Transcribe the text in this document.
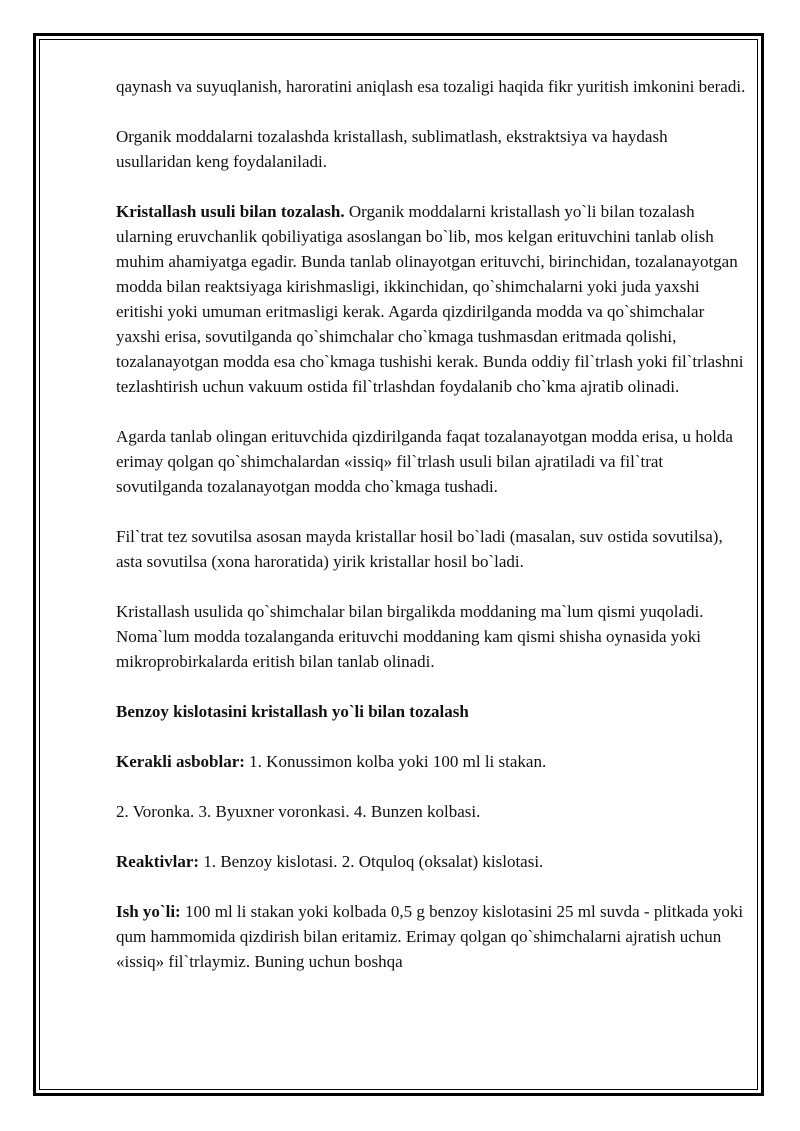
qaynash va suyuqlanish, haroratini aniqlash esa tozaligi haqida fikr yuritish imkonini beradi.

Organik moddalarni tozalashda kristallash, sublimatlash, ekstraktsiya va haydash usullaridan keng foydalaniladi.

Kristallash usuli bilan tozalash. Organik moddalarni kristallash yo`li bilan tozalash ularning eruvchanlik qobiliyatiga asoslangan bo`lib, mos kelgan erituvchini tanlab olish muhim ahamiyatga egadir. Bunda tanlab olinayotgan erituvchi, birinchidan, tozalanayotgan modda bilan reaktsiyaga kirishmasligi, ikkinchidan, qo`shimchalarni yoki juda yaxshi eritishi yoki umuman eritmasligi kerak. Agarda qizdirilganda modda va qo`shimchalar yaxshi erisa, sovutilganda qo`shimchalar cho`kmaga tushmasdan eritmada qolishi, tozalanayotgan modda esa cho`kmaga tushishi kerak. Bunda oddiy fil`trlash yoki fil`trlashni tezlashtirish uchun vakuum ostida fil`trlashdan foydalanib cho`kma ajratib olinadi.

Agarda tanlab olingan erituvchida qizdirilganda faqat tozalanayotgan modda erisa, u holda erimay qolgan qo`shimchalardan «issiq» fil`trlash usuli bilan ajratiladi va fil`trat sovutilganda tozalanayotgan modda cho`kmaga tushadi.

Fil`trat tez sovutilsa asosan mayda kristallar hosil bo`ladi (masalan, suv ostida sovutilsa), asta sovutilsa (xona haroratida) yirik kristallar hosil bo`ladi.

Kristallash usulida qo`shimchalar bilan birgalikda moddaning ma`lum qismi yuqoladi.

Noma`lum modda tozalanganda erituvchi moddaning kam qismi shisha oynasida yoki mikroprobirkalarda eritish bilan tanlab olinadi.

Benzoy kislotasini kristallash yo`li bilan tozalash

Kerakli asboblar: 1. Konussimon kolba yoki 100 ml li stakan.

2. Voronka. 3. Byuxner voronkasi. 4. Bunzen kolbasi.

Reaktivlar: 1. Benzoy kislotasi. 2. Otquloq (oksalat) kislotasi.

Ish yo`li: 100 ml li stakan yoki kolbada 0,5 g benzoy kislotasini 25 ml suvda - plitkada yoki qum hammomida qizdirish bilan eritamiz. Erimay qolgan qo`shimchalarni ajratish uchun «issiq» fil`trlaymiz. Buning uchun boshqa
